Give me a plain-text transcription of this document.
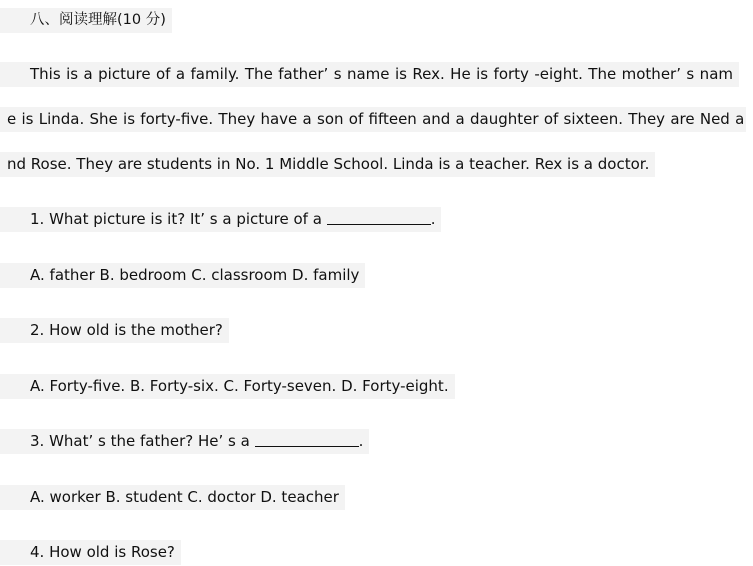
八、阅读理解(10 分)
This is a picture of a family. The father’ s name is Rex. He is forty -eight. The mother’ s nam
e is Linda. She is forty-five. They have a son of fifteen and a daughter of sixteen. They are Ned a
nd Rose. They are students in No. 1 Middle School. Linda is a teacher. Rex is a doctor.
1. What picture is it? It’ s a picture of a	.
A. father B. bedroom C. classroom D. family
2. How old is the mother?
A. Forty-five. B. Forty-six. C. Forty-seven. D. Forty-eight.
3. What’ s the father? He’ s a	.
A. worker B. student C. doctor D. teacher
4. How old is Rose?
